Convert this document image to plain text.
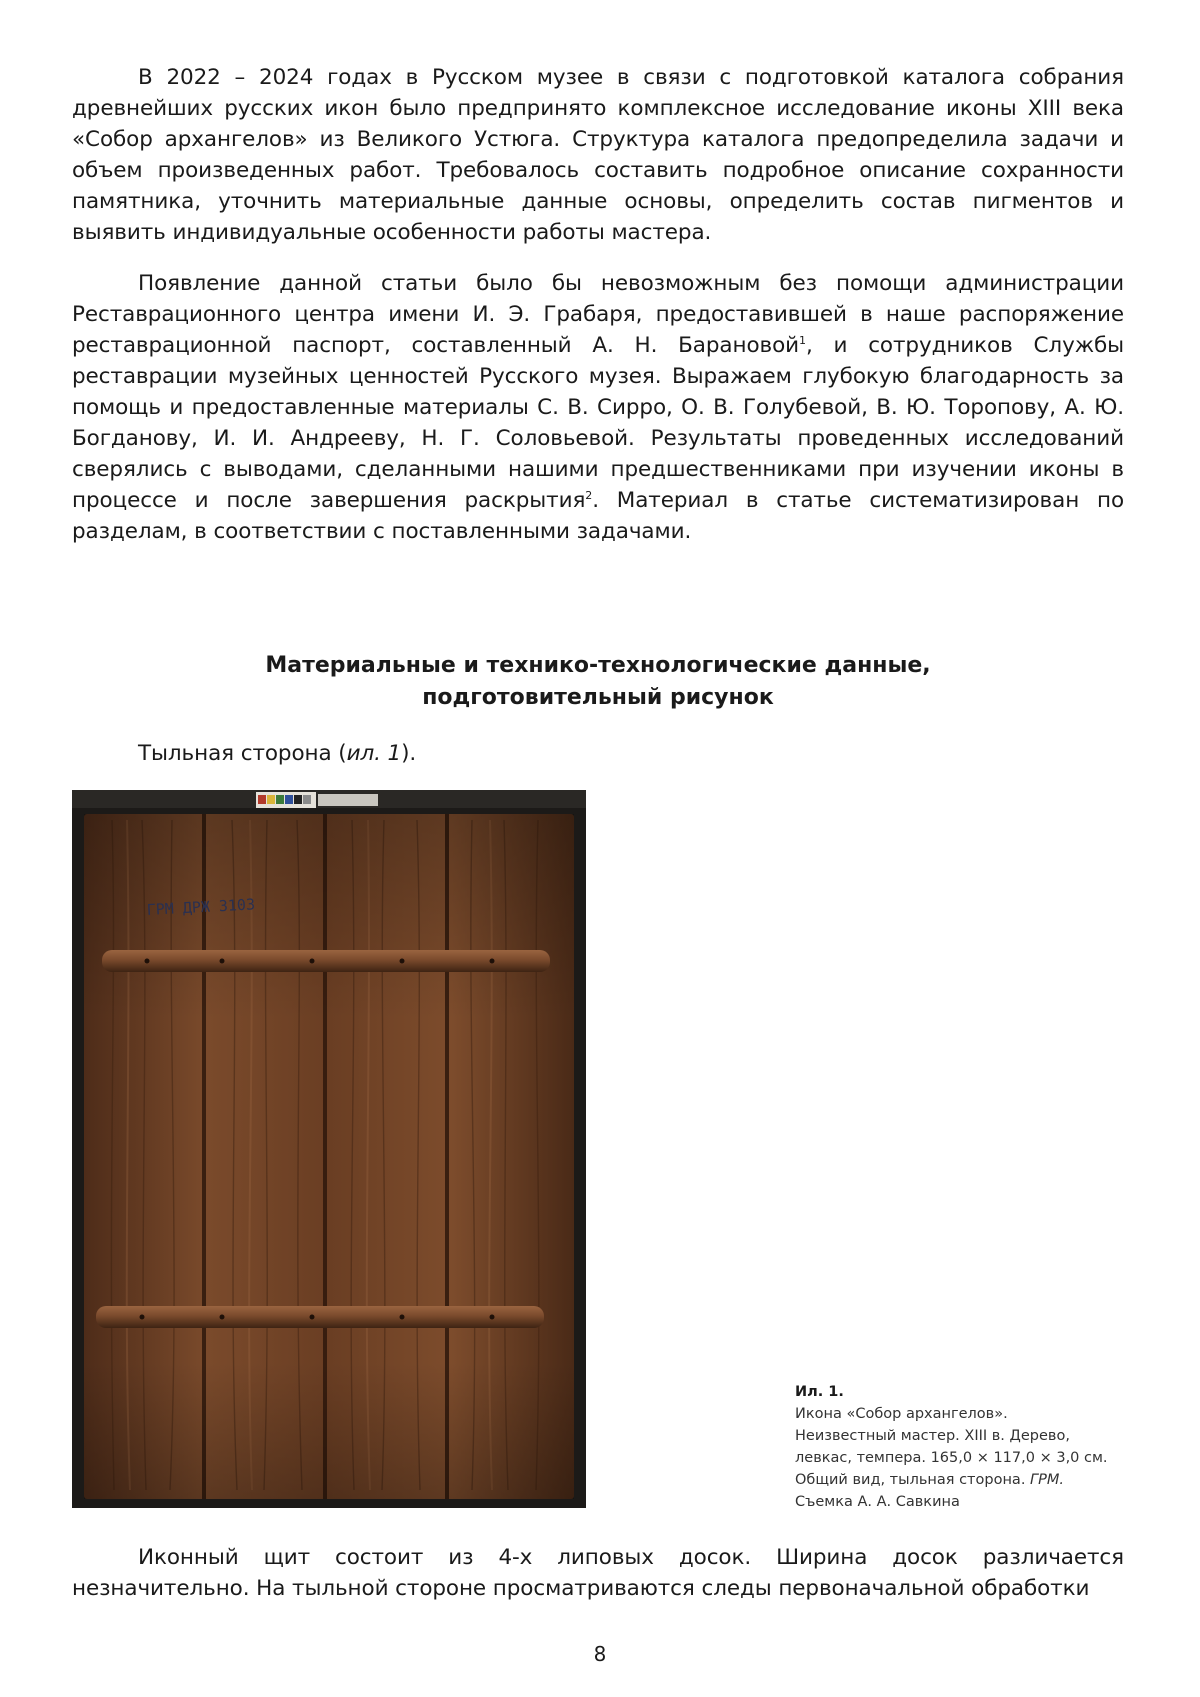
В 2022 – 2024 годах в Русском музее в связи с подготовкой каталога собрания древнейших русских икон было предпринято комплексное исследование иконы XIII века «Собор архангелов» из Великого Устюга. Структура каталога предопределила задачи и объем произведенных работ. Требовалось составить подробное описание сохранности памятника, уточнить материальные данные основы, определить состав пигментов и выявить индивидуальные особенности работы мастера.

Появление данной статьи было бы невозможным без помощи администрации Реставрационного центра имени И. Э. Грабаря, предоставившей в наше распоряжение реставрационной паспорт, составленный А. Н. Барановой$^1$, и сотрудников Службы реставрации музейных ценностей Русского музея. Выражаем глубокую благодарность за помощь и предоставленные материалы С. В. Сирро, О. В. Голубевой, В. Ю. Торопову, А. Ю. Богданову, И. И. Андрееву, Н. Г. Соловьевой. Результаты проведенных исследований сверялись с выводами, сделанными нашими предшественниками при изучении иконы в процессе и после завершения раскрытия$^2$. Материал в статье систематизирован по разделам, в соответствии с поставленными задачами.

Материальные и технико-технологические данные,
подготовительный рисунок

Тыльная сторона (ил. 1).

ГРМ ДРЖ 3103
Ил. 1.
Икона «Собор архангелов».
Неизвестный мастер. XIII в. Дерево,
левкас, темпера. 165,0 × 117,0 × 3,0 см.
Общий вид, тыльная сторона. ГРМ.
Съемка А. А. Савкина

Иконный щит состоит из 4-х липовых досок. Ширина досок различается незначительно. На тыльной стороне просматриваются следы первоначальной обработки

8
